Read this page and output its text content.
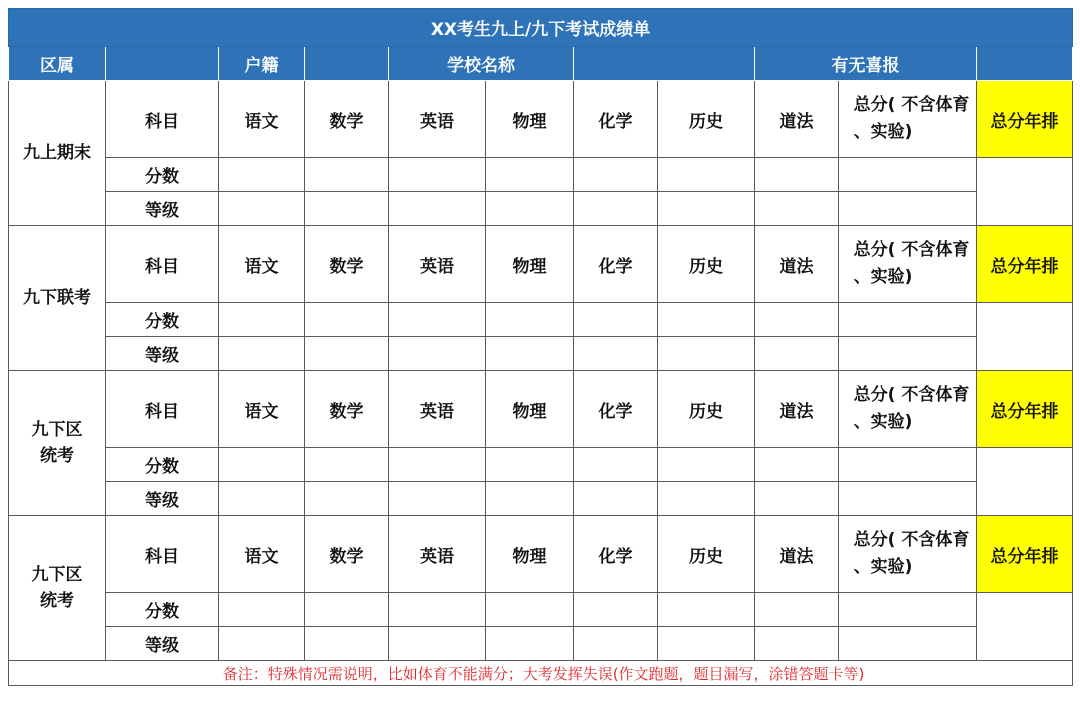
XX考生九上/九下考试成绩单										
区属		户籍		学校名称				有无喜报		
九上期末	科目	语文	数学	英语	物理	化学	历史	道法	总分( 不含体育
、实验)	总分年排
	分数									
	等级									
九下联考	科目	语文	数学	英语	物理	化学	历史	道法	总分( 不含体育
、实验)	总分年排
	分数									
	等级									
九下区
统考	科目	语文	数学	英语	物理	化学	历史	道法	总分( 不含体育
、实验)	总分年排
	分数									
	等级									
九下区
统考	科目	语文	数学	英语	物理	化学	历史	道法	总分( 不含体育
、实验)	总分年排
	分数									
	等级									
备注：特殊情况需说明，比如体育不能满分；大考发挥失误(作文跑题，题目漏写，涂错答题卡等)										
